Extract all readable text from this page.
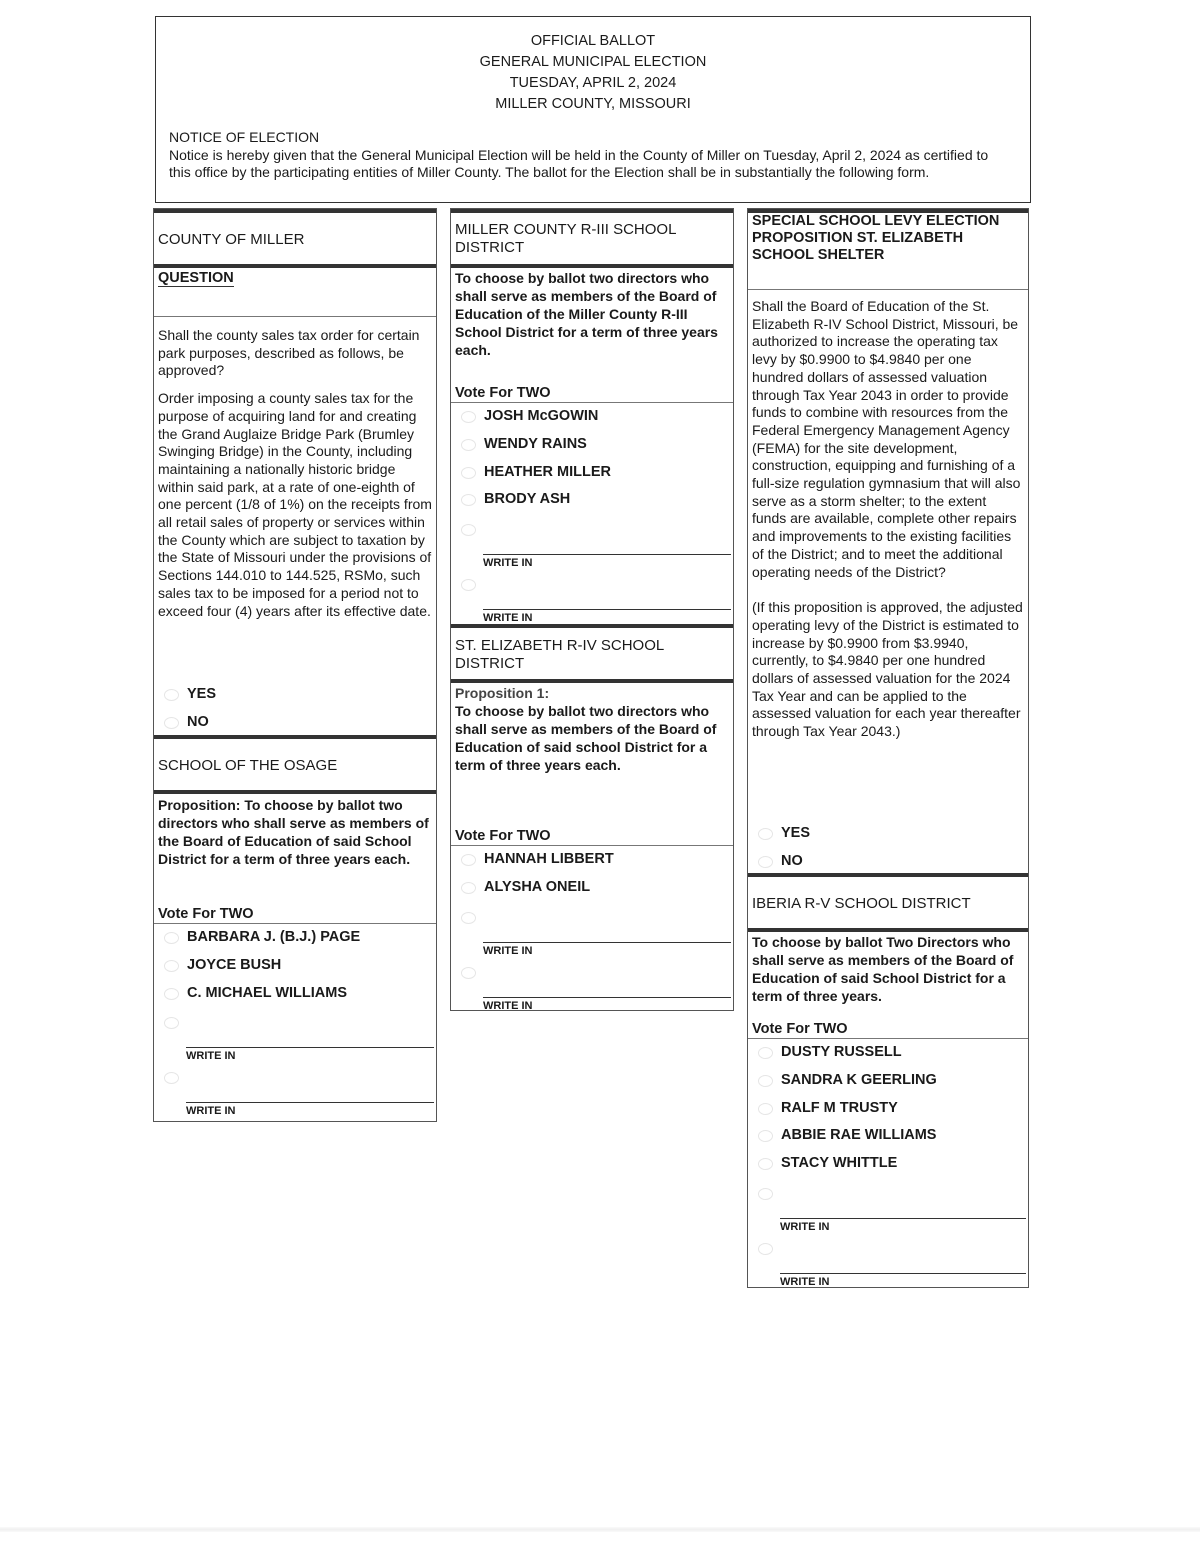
OFFICIAL BALLOT
GENERAL MUNICIPAL ELECTION
TUESDAY, APRIL 2, 2024
MILLER COUNTY, MISSOURI
NOTICE OF ELECTION
Notice is hereby given that the General Municipal Election will be held in the County of Miller on Tuesday, April 2, 2024 as certified to this office by the participating entities of Miller County. The ballot for the Election shall be in substantially the following form.
COUNTY OF MILLER
QUESTION
Shall the county sales tax order for certain park purposes, described as follows, be approved?
Order imposing a county sales tax for the purpose of acquiring land for and creating the Grand Auglaize Bridge Park (Brumley Swinging Bridge) in the County, including maintaining a nationally historic bridge within said park, at a rate of one-eighth of one percent (1/8 of 1%) on the receipts from all retail sales of property or services within the County which are subject to taxation by the State of Missouri under the provisions of Sections 144.010 to 144.525, RSMo, such sales tax to be imposed for a period not to exceed four (4) years after its effective date.
YES
NO
SCHOOL OF THE OSAGE
Proposition: To choose by ballot two directors who shall serve as members of the Board of Education of said School District for a term of three years each.
Vote For TWO
BARBARA J. (B.J.) PAGE
JOYCE BUSH
C. MICHAEL WILLIAMS
WRITE IN
WRITE IN
MILLER COUNTY R-III SCHOOL DISTRICT
To choose by ballot two directors who shall serve as members of the Board of Education of the Miller County R-III School District for a term of three years each.
Vote For TWO
JOSH McGOWIN
WENDY RAINS
HEATHER MILLER
BRODY ASH
WRITE IN
WRITE IN
ST. ELIZABETH R-IV SCHOOL DISTRICT
Proposition 1:
To choose by ballot two directors who shall serve as members of the Board of Education of said school District for a term of three years each.
Vote For TWO
HANNAH LIBBERT
ALYSHA ONEIL
WRITE IN
WRITE IN
SPECIAL SCHOOL LEVY ELECTION PROPOSITION ST. ELIZABETH SCHOOL SHELTER
Shall the Board of Education of the St. Elizabeth R-IV School District, Missouri, be authorized to increase the operating tax levy by $0.9900 to $4.9840 per one hundred dollars of assessed valuation through Tax Year 2043 in order to provide funds to combine with resources from the Federal Emergency Management Agency (FEMA) for the site development, construction, equipping and furnishing of a full-size regulation gymnasium that will also serve as a storm shelter; to the extent funds are available, complete other repairs and improvements to the existing facilities of the District; and to meet the additional operating needs of the District?
(If this proposition is approved, the adjusted operating levy of the District is estimated to increase by $0.9900 from $3.9940, currently, to $4.9840 per one hundred dollars of assessed valuation for the 2024 Tax Year and can be applied to the assessed valuation for each year thereafter through Tax Year 2043.)
YES
NO
IBERIA R-V SCHOOL DISTRICT
To choose by ballot Two Directors who shall serve as members of the Board of Education of said School District for a term of three years.
Vote For TWO
DUSTY RUSSELL
SANDRA K GEERLING
RALF M TRUSTY
ABBIE RAE WILLIAMS
STACY WHITTLE
WRITE IN
WRITE IN
